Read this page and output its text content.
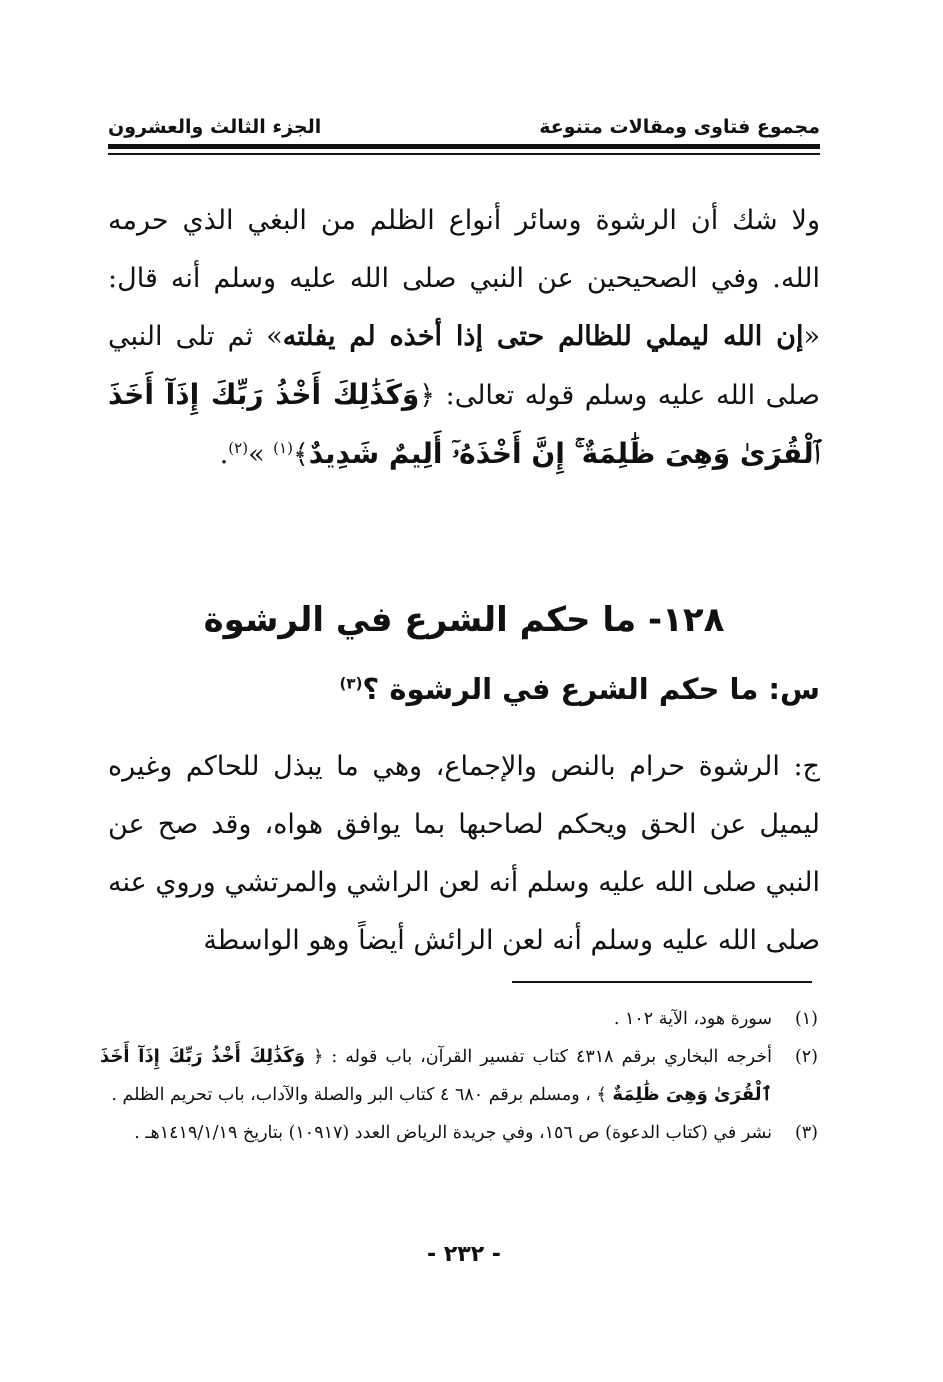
مجموع فتاوى ومقالات متنوعة
الجزء الثالث والعشرون

ولا شك أن الرشوة وسائر أنواع الظلم من البغي الذي حرمه الله. وفي الصحيحين عن النبي صلى الله عليه وسلم أنه قال: «إن الله ليملي للظالم حتى إذا أخذه لم يفلته» ثم تلى النبي صلى الله عليه وسلم قوله تعالى: ﴿وَكَذَٰلِكَ أَخْذُ رَبِّكَ إِذَآ أَخَذَ ٱلْقُرَىٰ وَهِىَ ظَٰلِمَةٌ ۚ إِنَّ أَخْذَهُۥٓ أَلِيمٌ شَدِيدٌ﴾$^{(١)}$ »$^{(٢)}$.

١٢٨- ما حكم الشرع في الرشوة
س: ما حكم الشرع في الرشوة ؟$^{(٣)}$

ج: الرشوة حرام بالنص والإجماع، وهي ما يبذل للحاكم وغيره ليميل عن الحق ويحكم لصاحبها بما يوافق هواه، وقد صح عن النبي صلى الله عليه وسلم أنه لعن الراشي والمرتشي وروي عنه صلى الله عليه وسلم أنه لعن الرائش أيضاً وهو الواسطة

(١)
سورة هود، الآية ١٠٢ .
(٢)
أخرجه البخاري برقم ٤٣١٨ كتاب تفسير القرآن، باب قوله : ﴿ وَكَذَٰلِكَ أَخْذُ رَبِّكَ إِذَآ أَخَذَ ٱلْقُرَىٰ وَهِىَ ظَٰلِمَةٌ ﴾ ، ومسلم برقم ٦٨٠ ٤ كتاب البر والصلة والآداب، باب تحريم الظلم .
(٣)
نشر في (كتاب الدعوة) ص ١٥٦، وفي جريدة الرياض العدد (١٠٩١٧) بتاريخ ١٤١٩/١/١٩هـ .
- ٢٣٢ -
